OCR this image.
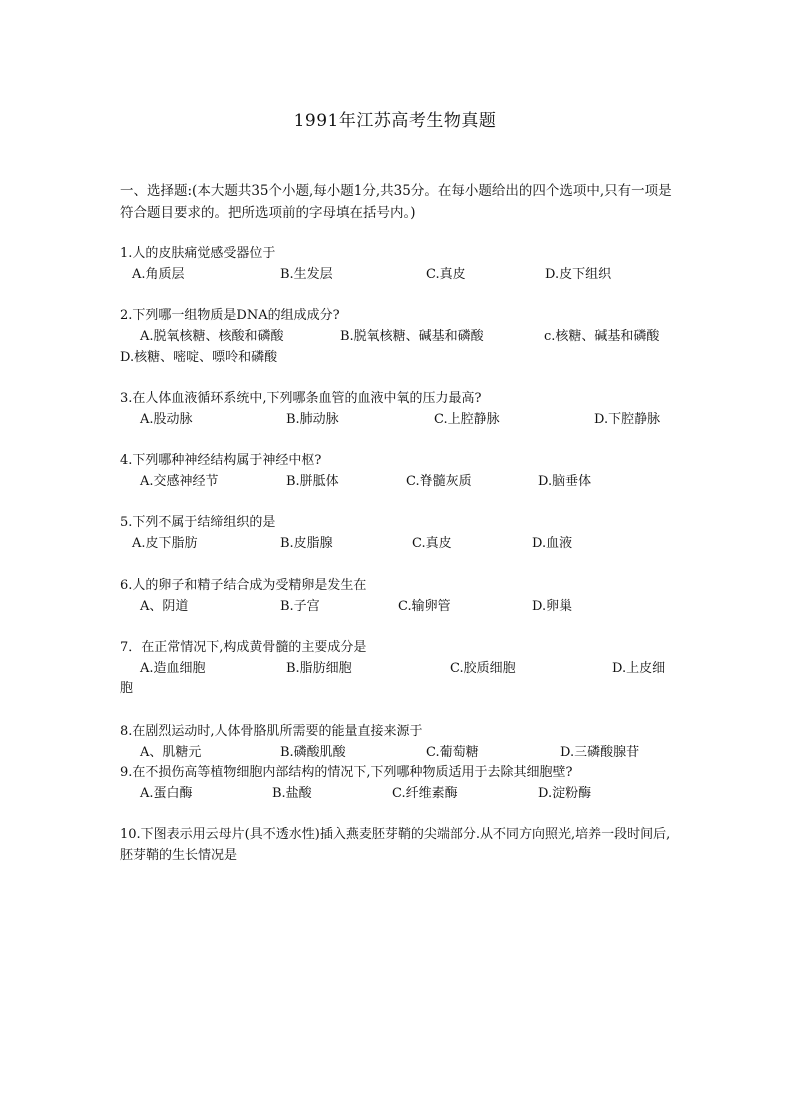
1991年江苏高考生物真题
一、选择题:(本大题共35个小题,每小题1分,共35分。在每小题给出的四个选项中,只有一项是符合题目要求的。把所选项前的字母填在括号内。)
1.人的皮肤痛觉感受器位于
A.角质层	B.生发层	C.真皮	D.皮下组织
2.下列哪一组物质是DNA的组成成分?
A.脱氧核糖、核酸和磷酸	B.脱氧核糖、碱基和磷酸	c.核糖、碱基和磷酸
D.核糖、嘧啶、嘌呤和磷酸
3.在人体血液循环系统中,下列哪条血管的血液中氧的压力最高?
A.股动脉	B.肺动脉	C.上腔静脉	D.下腔静脉
4.下列哪种神经结构属于神经中枢?
A.交感神经节	B.胼胝体	C.脊髓灰质	D.脑垂体
5.下列不属于结缔组织的是
A.皮下脂肪	B.皮脂腺	C.真皮	D.血液
6.人的卵子和精子结合成为受精卵是发生在
A、阴道	B.子宫	C.输卵管	D.卵巢
7．在正常情况下,构成黄骨髓的主要成分是
A.造血细胞	B.脂肪细胞	C.胶质细胞	D.上皮细
胞
8.在剧烈运动时,人体骨胳肌所需要的能量直接来源于
A、肌糖元	B.磷酸肌酸	C.葡萄糖	D.三磷酸腺苷
9.在不损伤高等植物细胞内部结构的情况下,下列哪种物质适用于去除其细胞壁?
A.蛋白酶	B.盐酸	C.纤维素酶	D.淀粉酶
10.下图表示用云母片(具不透水性)插入燕麦胚芽鞘的尖端部分.从不同方向照光,培养一段时间后,胚芽鞘的生长情况是
